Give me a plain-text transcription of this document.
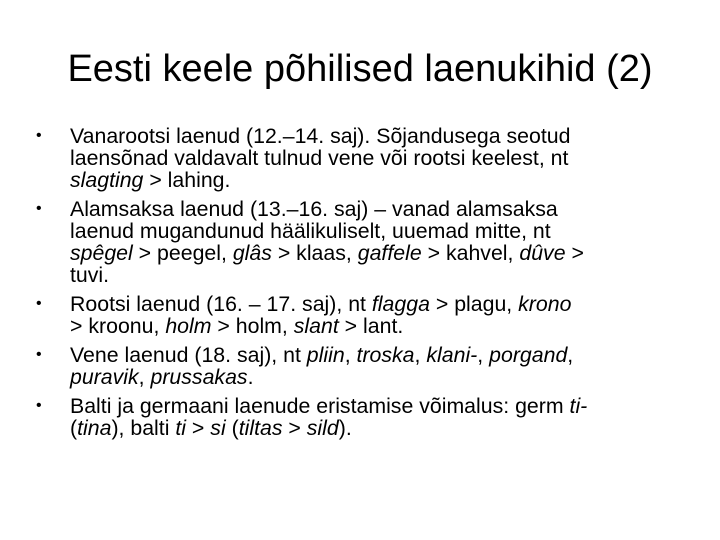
Eesti keele põhilised laenukihid (2)
•	Vanarootsi laenud (12.–14. saj). Sõjandusega seotud
laensõnad valdavalt tulnud vene või rootsi keelest, nt
slagting > lahing.
•	Alamsaksa laenud (13.–16. saj) – vanad alamsaksa
laenud mugandunud häälikuliselt, uuemad mitte, nt
spêgel > peegel, glâs > klaas, gaffele > kahvel, dûve >
tuvi.
•	Rootsi laenud (16. – 17. saj), nt flagga > plagu, krono
> kroonu, holm > holm, slant > lant.
•	Vene laenud (18. saj), nt pliin, troska, klani-, porgand,
puravik, prussakas.
•	Balti ja germaani laenude eristamise võimalus: germ ti-
(tina), balti ti > si (tiltas > sild).
